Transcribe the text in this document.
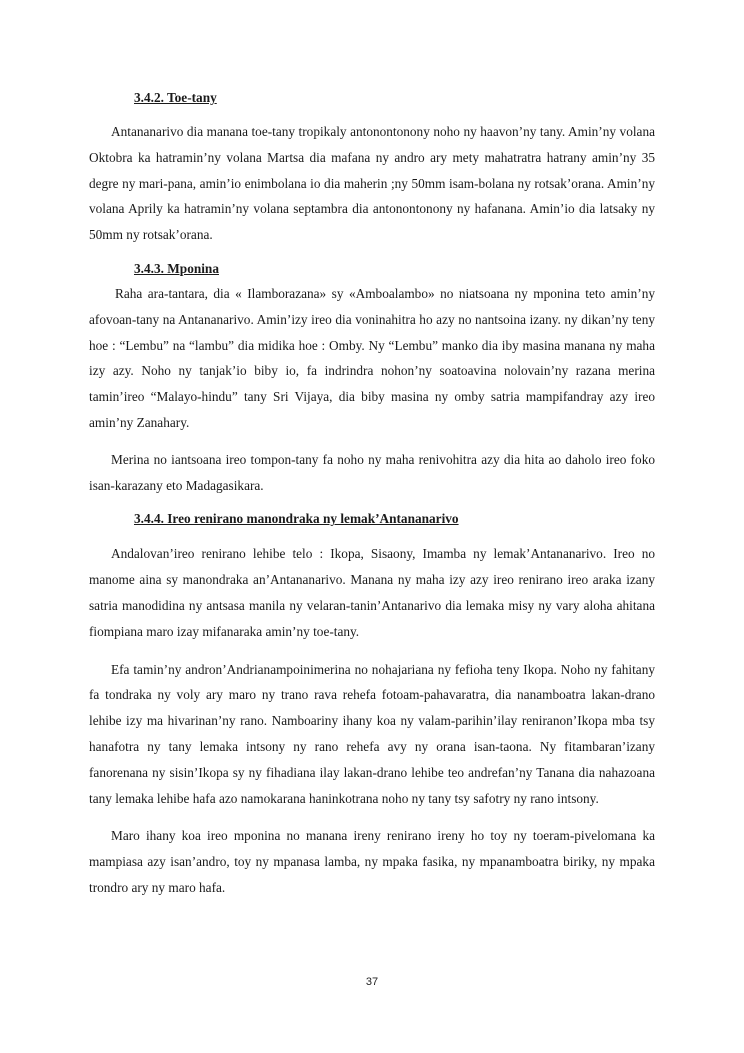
3.4.2. Toe-tany

Antananarivo dia manana toe-tany tropikaly antonontonony noho ny haavon’ny tany. Amin’ny volana Oktobra ka hatramin’ny volana Martsa dia mafana ny andro ary mety mahatratra hatrany amin’ny 35 degre ny mari-pana, amin’io enimbolana io dia maherin ;ny 50mm isam-bolana ny rotsak’orana. Amin’ny volana Aprily ka hatramin’ny volana septambra dia antonontonony ny hafanana. Amin’io dia latsaky ny 50mm ny rotsak’orana.

3.4.3. Mponina

Raha ara-tantara, dia « Ilamborazana» sy «Amboalambo» no niatsoana ny mponina teto amin’ny afovoan-tany na Antananarivo. Amin’izy ireo dia voninahitra ho azy no nantsoina izany. ny dikan’ny teny hoe : “Lembu” na “lambu” dia midika hoe : Omby. Ny “Lembu” manko dia iby masina manana ny maha izy azy. Noho ny tanjak’io biby io, fa indrindra nohon’ny soatoavina nolovain’ny razana merina tamin’ireo “Malayo-hindu” tany Sri Vijaya, dia biby masina ny omby satria mampifandray azy ireo amin’ny Zanahary.

Merina no iantsoana ireo tompon-tany fa noho ny maha renivohitra azy dia hita ao daholo ireo foko isan-karazany eto Madagasikara.

3.4.4. Ireo renirano manondraka ny lemak’Antananarivo

Andalovan’ireo renirano lehibe telo : Ikopa, Sisaony, Imamba ny lemak’Antananarivo. Ireo no manome aina sy manondraka an’Antananarivo. Manana ny maha izy azy ireo renirano ireo araka izany satria manodidina ny antsasa manila ny velaran-tanin’Antanarivo dia lemaka misy ny vary aloha ahitana fiompiana maro izay mifanaraka amin’ny toe-tany.

Efa tamin’ny andron’Andrianampoinimerina no nohajariana ny fefioha teny Ikopa. Noho ny fahitany fa tondraka ny voly ary maro ny trano rava rehefa fotoam-pahavaratra, dia nanamboatra lakan-drano lehibe izy ma hivarinan’ny rano. Namboariny ihany koa ny valam-parihin’ilay reniranon’Ikopa mba tsy hanafotra ny tany lemaka intsony ny rano rehefa avy ny orana isan-taona. Ny fitambaran’izany fanorenana ny sisin’Ikopa sy ny fihadiana ilay lakan-drano lehibe teo andrefan’ny Tanana dia nahazoana tany lemaka lehibe hafa azo namokarana haninkotrana noho ny tany tsy safotry ny rano intsony.

Maro ihany koa ireo mponina no manana ireny renirano ireny ho toy ny toeram-pivelomana ka mampiasa azy isan’andro, toy ny mpanasa lamba, ny mpaka fasika, ny mpanamboatra biriky, ny mpaka trondro ary ny maro hafa.

37
